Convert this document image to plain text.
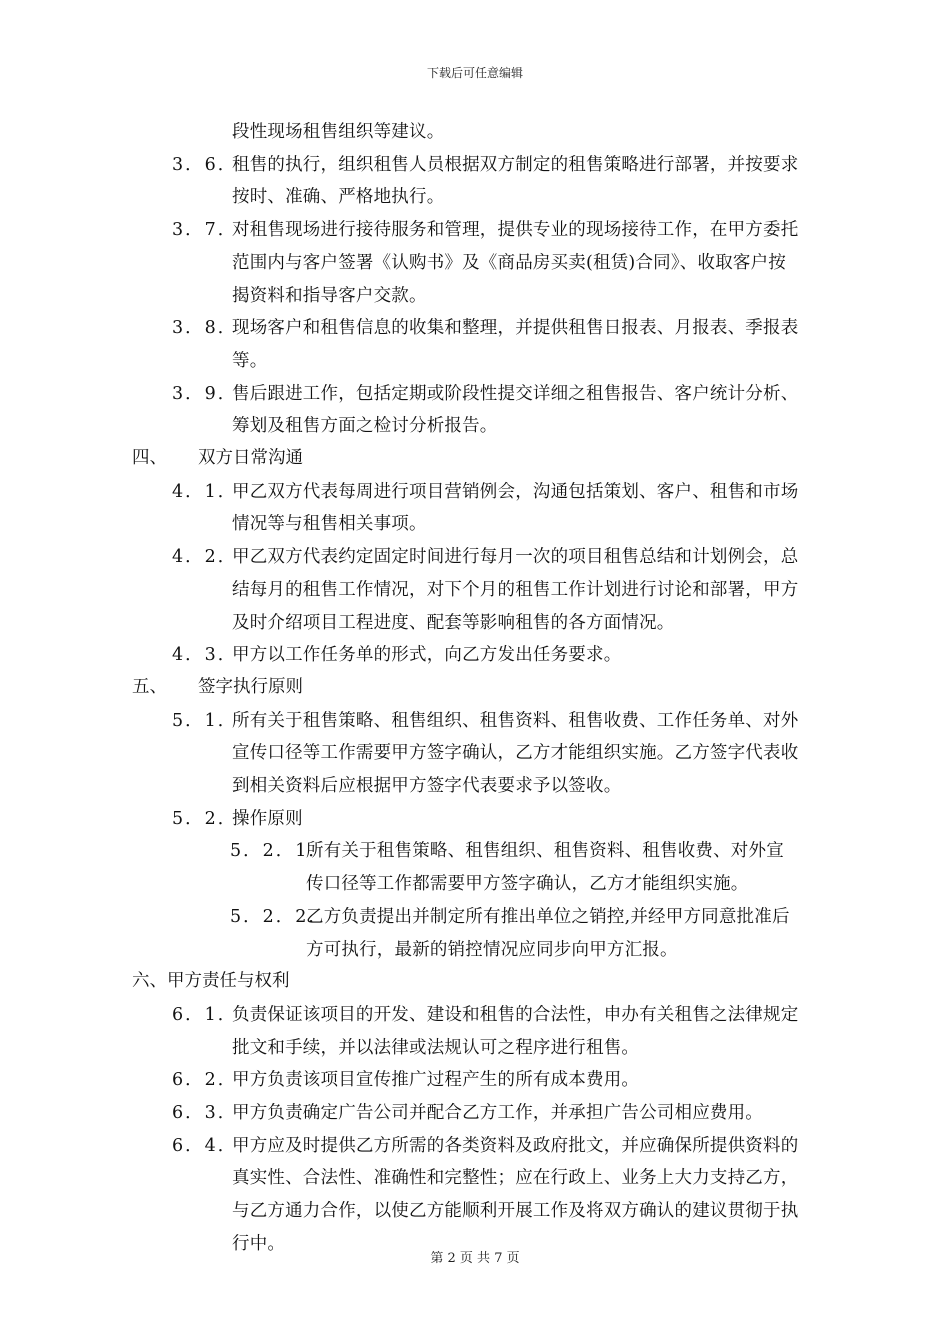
下载后可任意编辑
段性现场租售组织等建议。
3．6．
租售的执行，组织租售人员根据双方制定的租售策略进行部署，并按要求
按时、准确、严格地执行。
3．7．
对租售现场进行接待服务和管理，提供专业的现场接待工作，在甲方委托
范围内与客户签署《认购书》及《商品房买卖(租赁)合同》、收取客户按
揭资料和指导客户交款。
3．8．
现场客户和租售信息的收集和整理，并提供租售日报表、月报表、季报表
等。
3．9．
售后跟进工作，包括定期或阶段性提交详细之租售报告、客户统计分析、
筹划及租售方面之检讨分析报告。
四、 双方日常沟通
4．1．
甲乙双方代表每周进行项目营销例会，沟通包括策划、客户、租售和市场
情况等与租售相关事项。
4．2．
甲乙双方代表约定固定时间进行每月一次的项目租售总结和计划例会，总
结每月的租售工作情况，对下个月的租售工作计划进行讨论和部署，甲方
及时介绍项目工程进度、配套等影响租售的各方面情况。
4．3．
甲方以工作任务单的形式，向乙方发出任务要求。
五、 签字执行原则
5．1．
所有关于租售策略、租售组织、租售资料、租售收费、工作任务单、对外
宣传口径等工作需要甲方签字确认，乙方才能组织实施。乙方签字代表收
到相关资料后应根据甲方签字代表要求予以签收。
5．2．
操作原则
5．2．1．
所有关于租售策略、租售组织、租售资料、租售收费、对外宣
传口径等工作都需要甲方签字确认，乙方才能组织实施。
5．2．2．
乙方负责提出并制定所有推出单位之销控,并经甲方同意批准后
方可执行，最新的销控情况应同步向甲方汇报。
六、甲方责任与权利
6．1．
负责保证该项目的开发、建设和租售的合法性，申办有关租售之法律规定
批文和手续，并以法律或法规认可之程序进行租售。
6．2．
甲方负责该项目宣传推广过程产生的所有成本费用。
6．3．
甲方负责确定广告公司并配合乙方工作，并承担广告公司相应费用。
6．4．
甲方应及时提供乙方所需的各类资料及政府批文，并应确保所提供资料的
真实性、合法性、准确性和完整性；应在行政上、业务上大力支持乙方，
与乙方通力合作，以使乙方能顺利开展工作及将双方确认的建议贯彻于执
行中。
第 2 页 共 7 页
